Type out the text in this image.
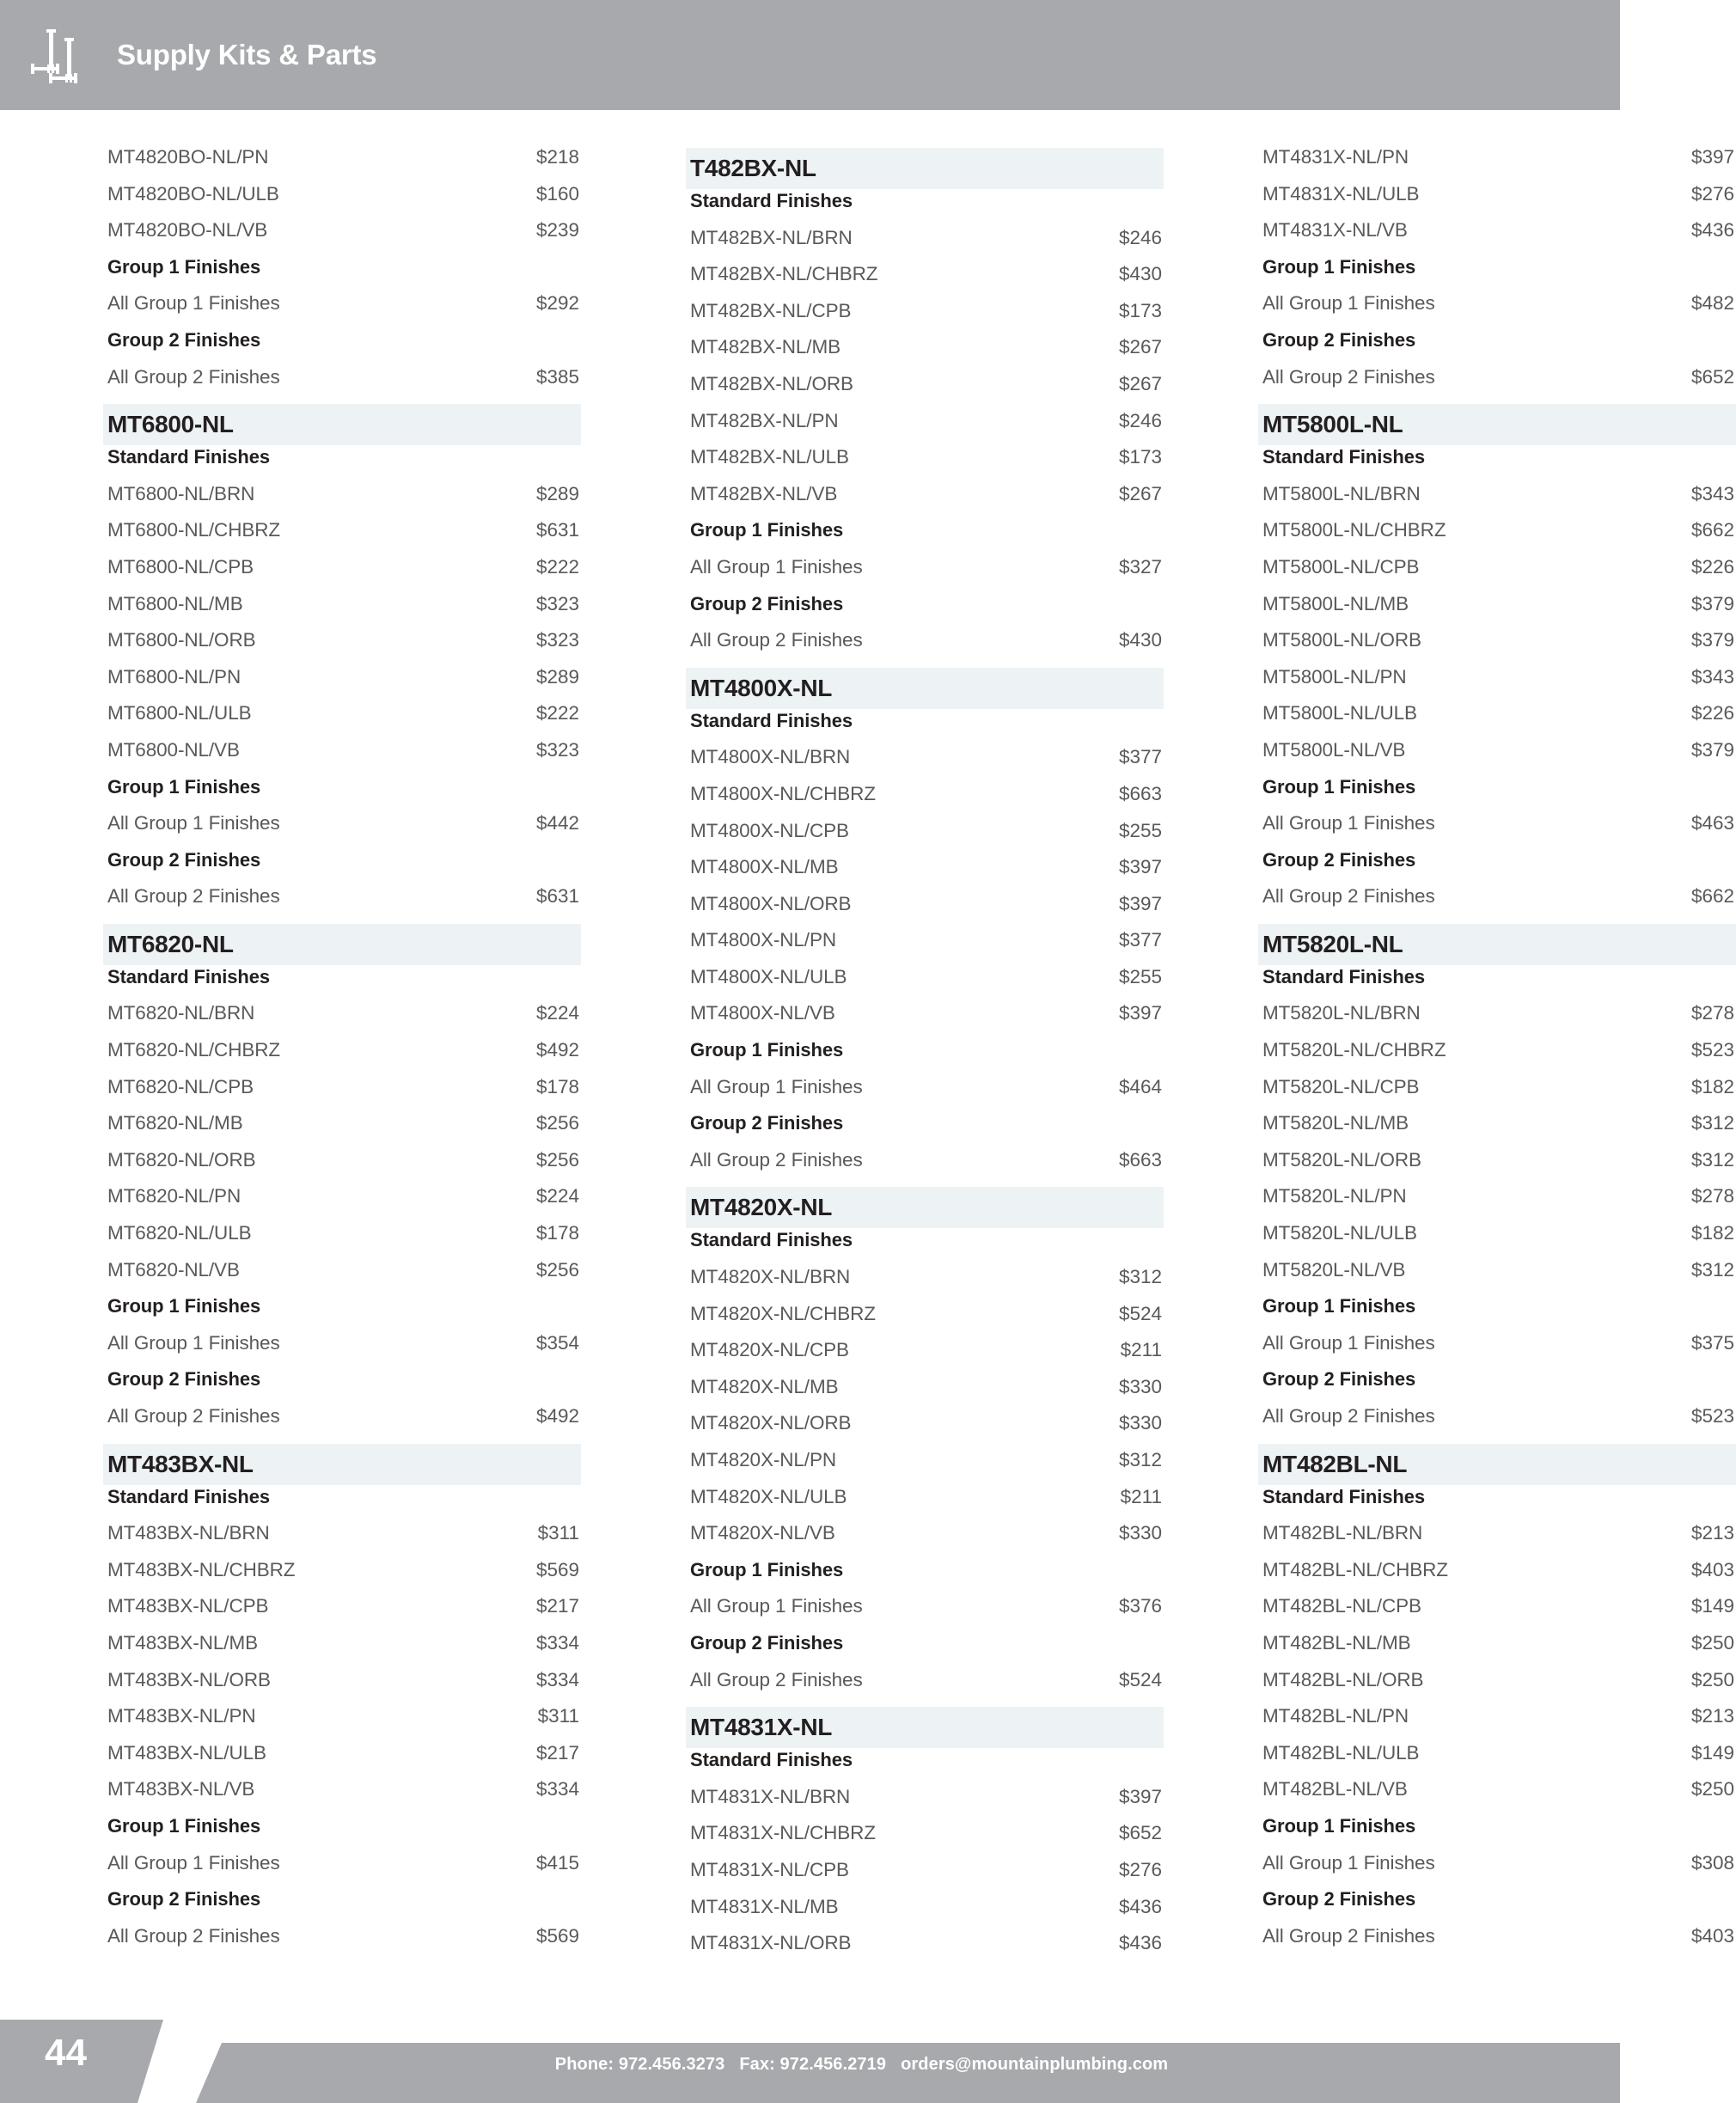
Supply Kits & Parts
MT4820BO-NL/PN	$218
MT4820BO-NL/ULB	$160
MT4820BO-NL/VB	$239
Group 1 Finishes
All Group 1 Finishes	$292
Group 2 Finishes
All Group 2 Finishes	$385
MT6800-NL
Standard Finishes
MT6800-NL/BRN	$289
MT6800-NL/CHBRZ	$631
MT6800-NL/CPB	$222
MT6800-NL/MB	$323
MT6800-NL/ORB	$323
MT6800-NL/PN	$289
MT6800-NL/ULB	$222
MT6800-NL/VB	$323
Group 1 Finishes
All Group 1 Finishes	$442
Group 2 Finishes
All Group 2 Finishes	$631
MT6820-NL
Standard Finishes
MT6820-NL/BRN	$224
MT6820-NL/CHBRZ	$492
MT6820-NL/CPB	$178
MT6820-NL/MB	$256
MT6820-NL/ORB	$256
MT6820-NL/PN	$224
MT6820-NL/ULB	$178
MT6820-NL/VB	$256
Group 1 Finishes
All Group 1 Finishes	$354
Group 2 Finishes
All Group 2 Finishes	$492
MT483BX-NL
Standard Finishes
MT483BX-NL/BRN	$311
MT483BX-NL/CHBRZ	$569
MT483BX-NL/CPB	$217
MT483BX-NL/MB	$334
MT483BX-NL/ORB	$334
MT483BX-NL/PN	$311
MT483BX-NL/ULB	$217
MT483BX-NL/VB	$334
Group 1 Finishes
All Group 1 Finishes	$415
Group 2 Finishes
All Group 2 Finishes	$569
T482BX-NL
Standard Finishes
MT482BX-NL/BRN	$246
MT482BX-NL/CHBRZ	$430
MT482BX-NL/CPB	$173
MT482BX-NL/MB	$267
MT482BX-NL/ORB	$267
MT482BX-NL/PN	$246
MT482BX-NL/ULB	$173
MT482BX-NL/VB	$267
Group 1 Finishes
All Group 1 Finishes	$327
Group 2 Finishes
All Group 2 Finishes	$430
MT4800X-NL
Standard Finishes
MT4800X-NL/BRN	$377
MT4800X-NL/CHBRZ	$663
MT4800X-NL/CPB	$255
MT4800X-NL/MB	$397
MT4800X-NL/ORB	$397
MT4800X-NL/PN	$377
MT4800X-NL/ULB	$255
MT4800X-NL/VB	$397
Group 1 Finishes
All Group 1 Finishes	$464
Group 2 Finishes
All Group 2 Finishes	$663
MT4820X-NL
Standard Finishes
MT4820X-NL/BRN	$312
MT4820X-NL/CHBRZ	$524
MT4820X-NL/CPB	$211
MT4820X-NL/MB	$330
MT4820X-NL/ORB	$330
MT4820X-NL/PN	$312
MT4820X-NL/ULB	$211
MT4820X-NL/VB	$330
Group 1 Finishes
All Group 1 Finishes	$376
Group 2 Finishes
All Group 2 Finishes	$524
MT4831X-NL
Standard Finishes
MT4831X-NL/BRN	$397
MT4831X-NL/CHBRZ	$652
MT4831X-NL/CPB	$276
MT4831X-NL/MB	$436
MT4831X-NL/ORB	$436
MT4831X-NL/PN	$397
MT4831X-NL/ULB	$276
MT4831X-NL/VB	$436
Group 1 Finishes
All Group 1 Finishes	$482
Group 2 Finishes
All Group 2 Finishes	$652
MT5800L-NL
Standard Finishes
MT5800L-NL/BRN	$343
MT5800L-NL/CHBRZ	$662
MT5800L-NL/CPB	$226
MT5800L-NL/MB	$379
MT5800L-NL/ORB	$379
MT5800L-NL/PN	$343
MT5800L-NL/ULB	$226
MT5800L-NL/VB	$379
Group 1 Finishes
All Group 1 Finishes	$463
Group 2 Finishes
All Group 2 Finishes	$662
MT5820L-NL
Standard Finishes
MT5820L-NL/BRN	$278
MT5820L-NL/CHBRZ	$523
MT5820L-NL/CPB	$182
MT5820L-NL/MB	$312
MT5820L-NL/ORB	$312
MT5820L-NL/PN	$278
MT5820L-NL/ULB	$182
MT5820L-NL/VB	$312
Group 1 Finishes
All Group 1 Finishes	$375
Group 2 Finishes
All Group 2 Finishes	$523
MT482BL-NL
Standard Finishes
MT482BL-NL/BRN	$213
MT482BL-NL/CHBRZ	$403
MT482BL-NL/CPB	$149
MT482BL-NL/MB	$250
MT482BL-NL/ORB	$250
MT482BL-NL/PN	$213
MT482BL-NL/ULB	$149
MT482BL-NL/VB	$250
Group 1 Finishes
All Group 1 Finishes	$308
Group 2 Finishes
All Group 2 Finishes	$403
44	Phone: 972.456.3273 Fax: 972.456.2719 orders@mountainplumbing.com
